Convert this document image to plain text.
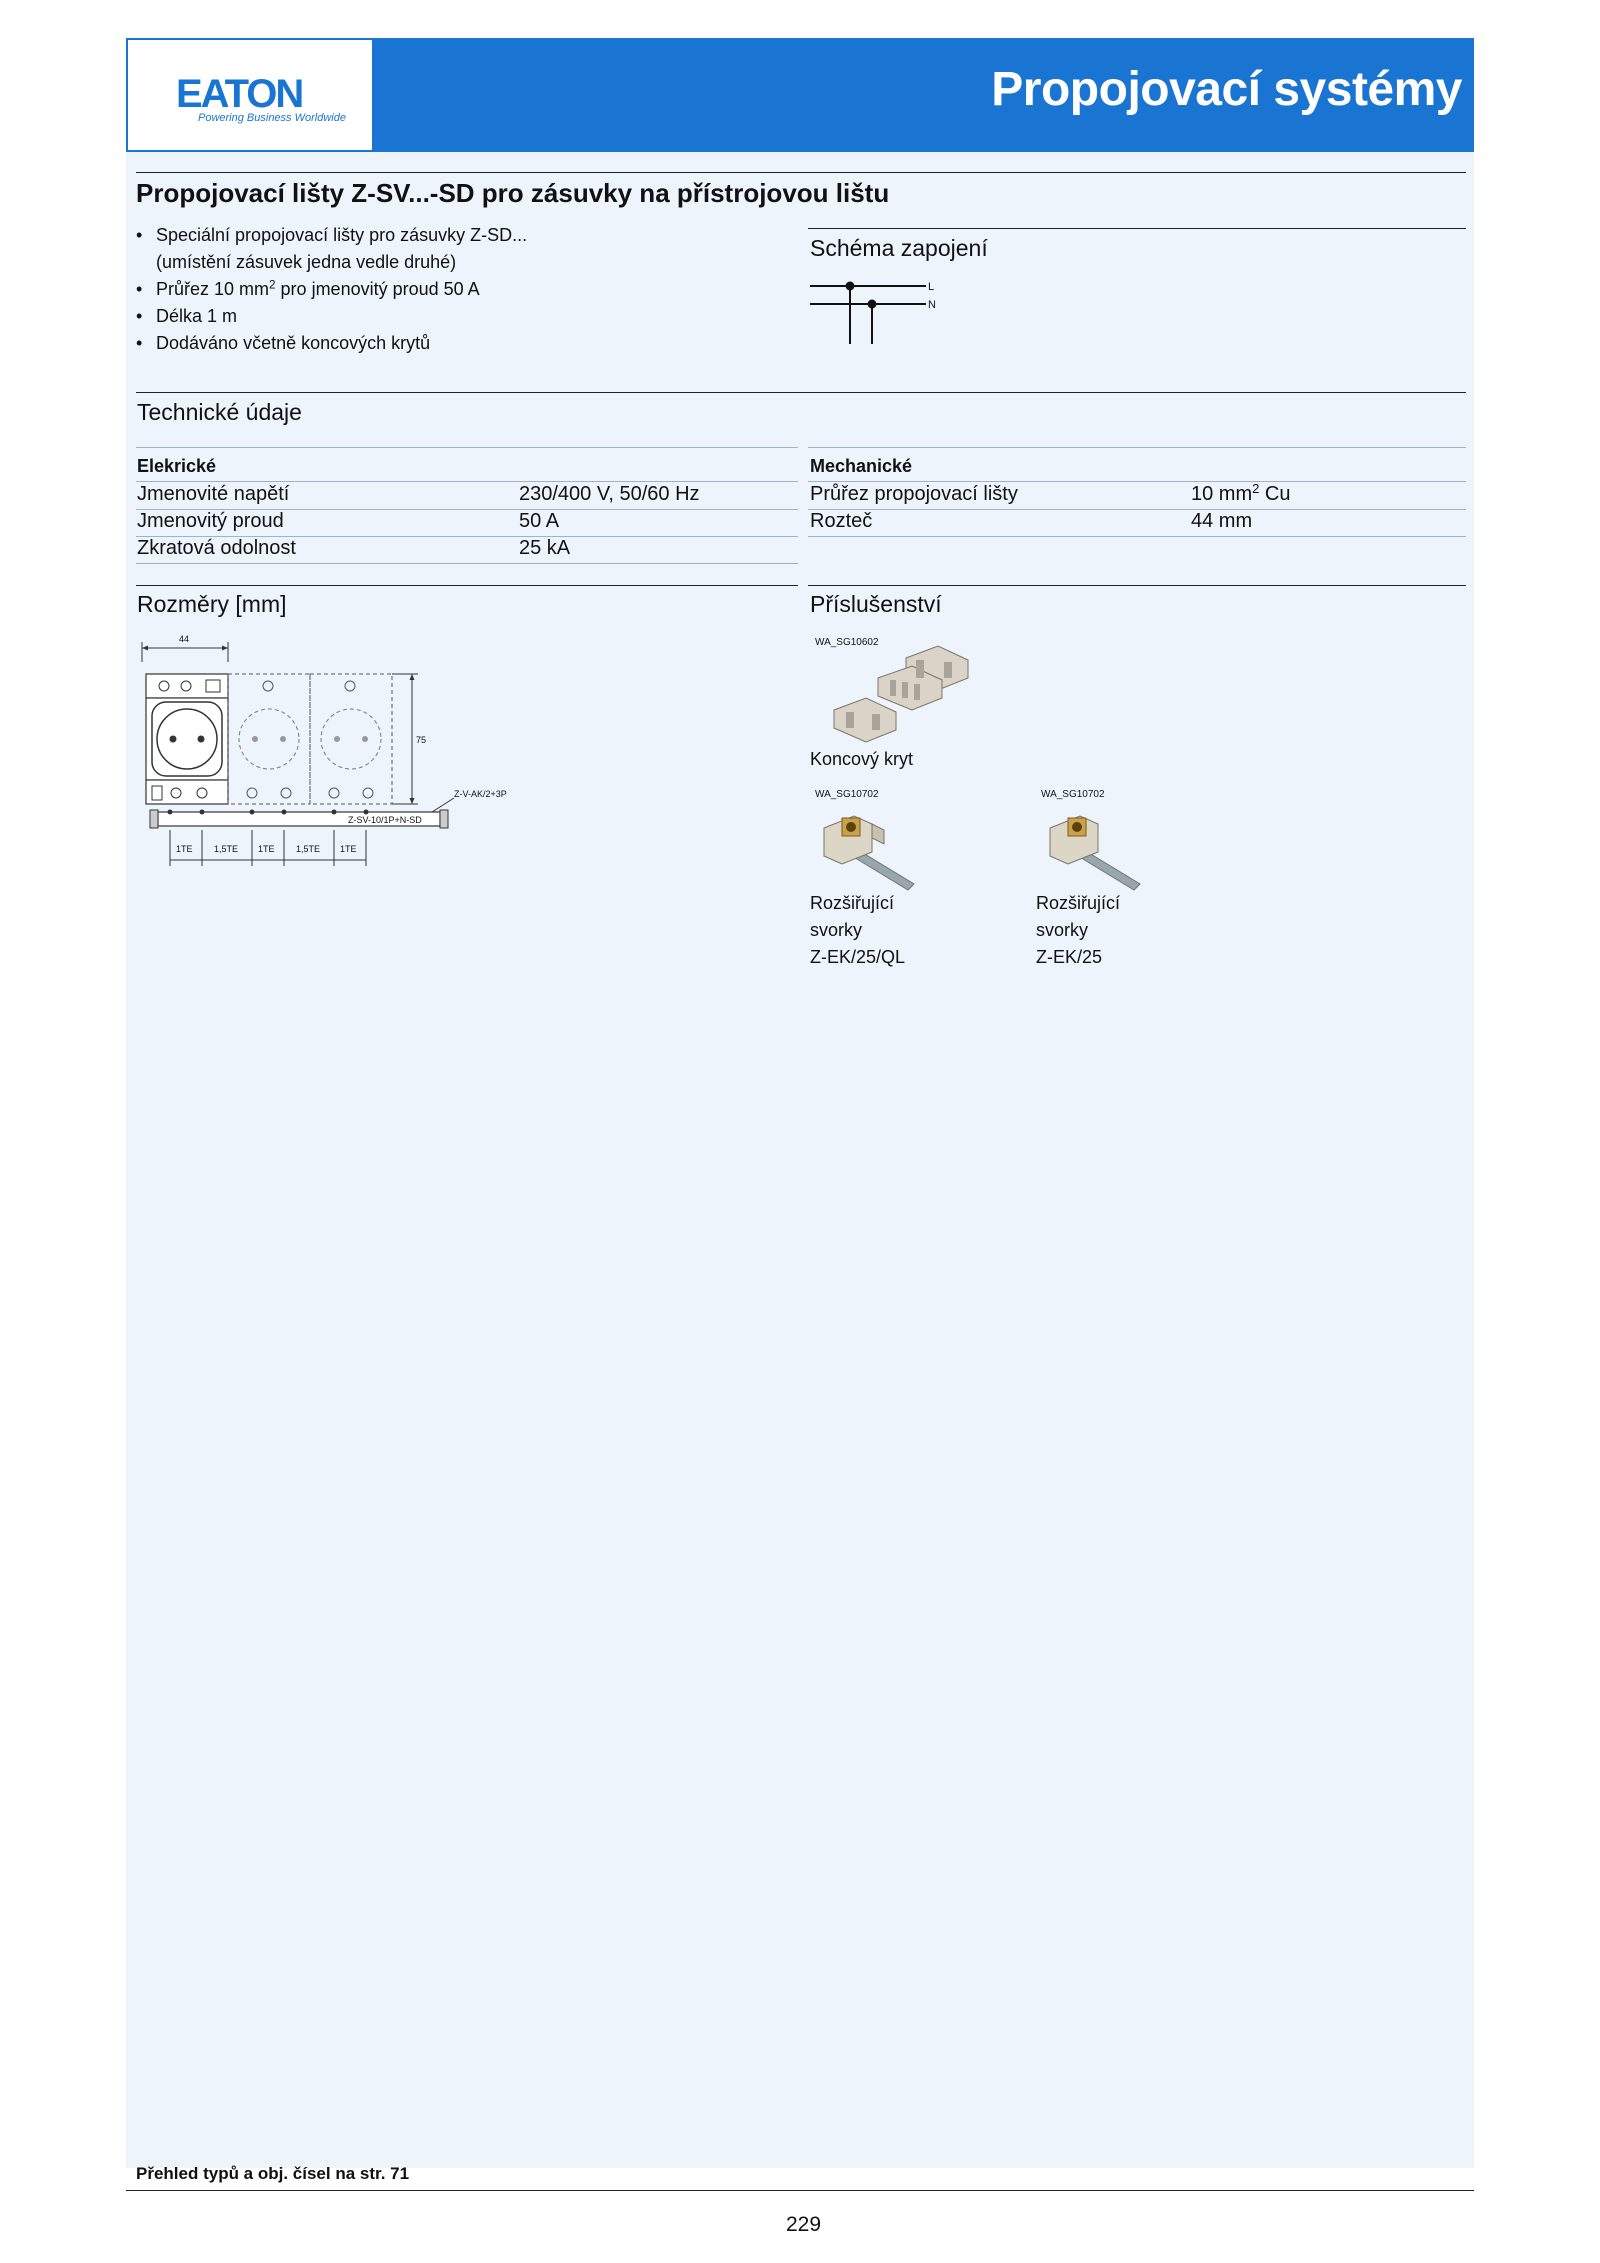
EATON
Powering Business Worldwide
Propojovací systémy
Propojovací lišty Z-SV...-SD pro zásuvky na přístrojovou lištu
• Speciální propojovací lišty pro zásuvky Z-SD...
(umístění zásuvek jedna vedle druhé)
• Průřez 10 $mm^2$ pro jmenovitý proud 50 A
• Délka 1 m
• Dodáváno včetně koncových krytů
Schéma zapojení
L
N
Technické údaje
Elekrické
Jmenovité napětí	230/400 V, 50/60 Hz
Jmenovitý proud	50 A
Zkratová odolnost	25 kA
Mechanické
Průřez propojovací lišty	10 $mm^2$ Cu
Rozteč	44 mm
Rozměry [mm]
44
75
Z-V-AK/2+3P
Z-SV-10/1P+N-SD
1TE 1,5TE 1TE 1,5TE 1TE
Příslušenství
WA_SG10602
Koncový kryt
WA_SG10702
Rozšiřující
svorky
Z-EK/25/QL
WA_SG10702
Rozšiřující
svorky
Z-EK/25
Přehled typů a obj. čísel na str. 71
229
